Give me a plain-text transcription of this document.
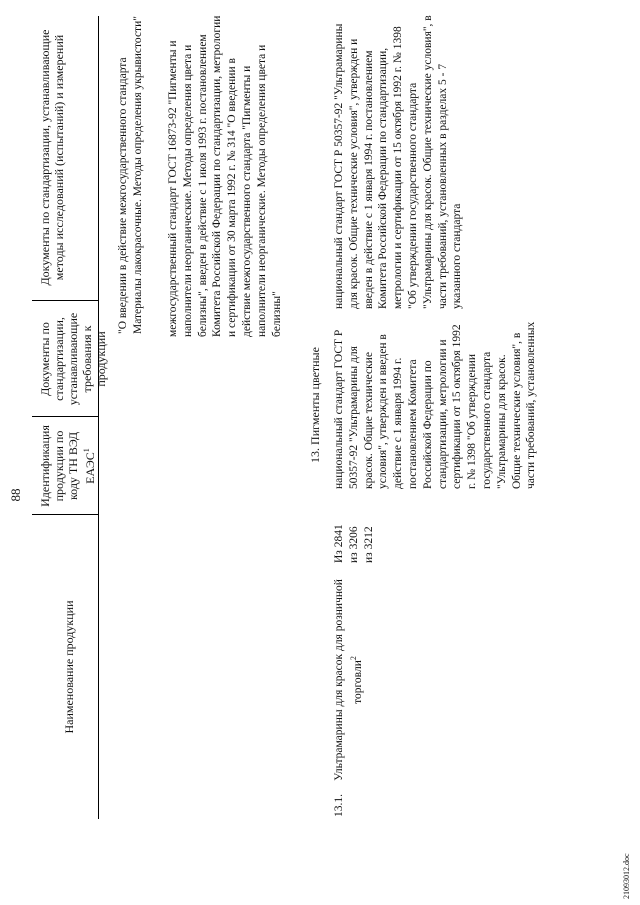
88
Наименование продукции
Идентификация продукции по коду ТН ВЭД ЕАЭС$^1$
Документы по стандартизации, устанавливающие требования к продукции
Документы по стандартизации, устанавливающие методы исследований (испытаний) и измерений	"О введении в действие межгосударственного стандарта Материалы лакокрасочные. Методы определения укрывистости" межгосударственный стандарт ГОСТ 16873-92 "Пигменты и наполнители неорганические. Методы определения цвета и белизны", введен в действие с 1 июля 1993 г. постановлением Комитета Российской Федерации по стандартизации, метрологии и сертификации от 30 марта 1992 г. № 314 "О введении в действие межгосударственного стандарта "Пигменты и наполнители неорганические. Методы определения цвета и белизны"
13. Пигменты цветные
13.1.
Ультрамарины для красок для розничной торговли$^2$
Из 2841 из 3206 из 3212
национальный стандарт ГОСТ Р 50357-92 "Ультрамарины для красок. Общие технические условия", утвержден и введен в действие с 1 января 1994 г. постановлением Комитета Российской Федерации по стандартизации, метрологии и сертификации от 15 октября 1992 г. № 1398 "Об утверждении государственного стандарта "Ультрамарины для красок. Общие технические условия", в части требований, установленных
национальный стандарт ГОСТ Р 50357-92 "Ультрамарины для красок. Общие технические условия", утвержден и введен в действие с 1 января 1994 г. постановлением Комитета Российской Федерации по стандартизации, метрологии и сертификации от 15 октября 1992 г. № 1398 "Об утверждении государственного стандарта "Ультрамарины для красок. Общие технические условия", в части требований, установленных в разделах 5 - 7 указанного стандарта
21093012.doc
